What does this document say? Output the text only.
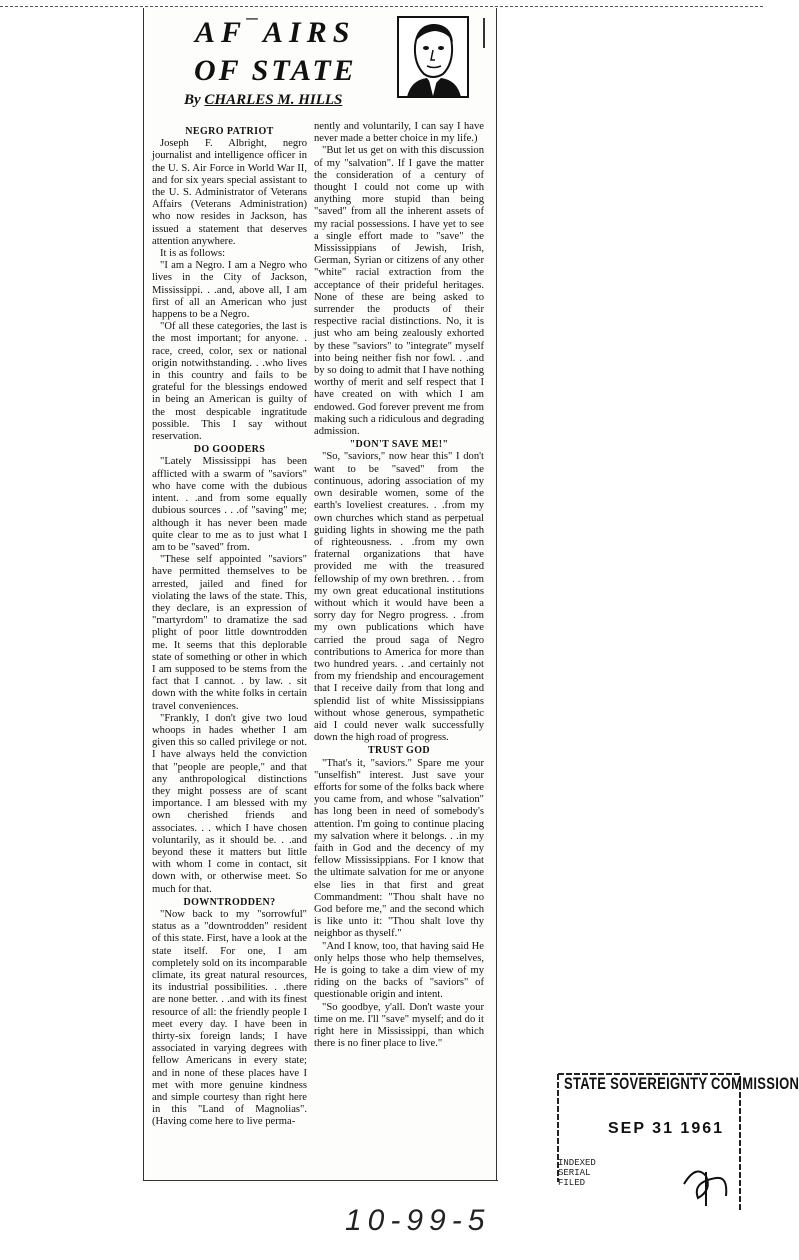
AF‾AIRS
OF STATE
By CHARLES M. HILLS
NEGRO PATRIOT

Joseph F. Albright, negro journalist and intelligence officer in the U. S. Air Force in World War II, and for six years special assistant to the U. S. Administrator of Veterans Affairs (Veterans Administration) who now resides in Jackson, has issued a statement that deserves attention anywhere.

It is as follows:

"I am a Negro. I am a Negro who lives in the City of Jackson, Mississippi. . .and, above all, I am first of all an American who just happens to be a Negro.

"Of all these categories, the last is the most important; for anyone. . race, creed, color, sex or national origin notwithstanding. . .who lives in this country and fails to be grateful for the blessings endowed in being an American is guilty of the most despicable ingratitude possible. This I say without reservation.

DO GOODERS

"Lately Mississippi has been afflicted with a swarm of "saviors" who have come with the dubious intent. . .and from some equally dubious sources . . .of "saving" me; although it has never been made quite clear to me as to just what I am to be "saved" from.

"These self appointed "saviors" have permitted themselves to be arrested, jailed and fined for violating the laws of the state. This, they declare, is an expression of "martyrdom" to dramatize the sad plight of poor little downtrodden me. It seems that this deplorable state of something or other in which I am supposed to be stems from the fact that I cannot. . by law. . sit down with the white folks in certain travel conveniences.

"Frankly, I don't give two loud whoops in hades whether I am given this so called privilege or not. I have always held the conviction that "people are people," and that any anthropological distinctions they might possess are of scant importance. I am blessed with my own cherished friends and associates. . . which I have chosen voluntarily, as it should be. . .and beyond these it matters but little with whom I come in contact, sit down with, or otherwise meet. So much for that.

DOWNTRODDEN?

"Now back to my "sorrowful" status as a "downtrodden" resident of this state. First, have a look at the state itself. For one, I am completely sold on its incomparable climate, its great natural resources, its industrial possibilities. . .there are none better. . .and with its finest resource of all: the friendly people I meet every day. I have been in thirty-six foreign lands; I have associated in varying degrees with fellow Americans in every state; and in none of these places have I met with more genuine kindness and simple courtesy than right here in this "Land of Magnolias". (Having come here to live perma-

nently and voluntarily, I can say I have never made a better choice in my life.)

"But let us get on with this discussion of my "salvation". If I gave the matter the consideration of a century of thought I could not come up with anything more stupid than being "saved" from all the inherent assets of my racial possessions. I have yet to see a single effort made to "save" the Mississippians of Jewish, Irish, German, Syrian or citizens of any other "white" racial extraction from the acceptance of their prideful heritages. None of these are being asked to surrender the products of their respective racial distinctions. No, it is just who am being zealously exhorted by these "saviors" to "integrate" myself into being neither fish nor fowl. . .and by so doing to admit that I have nothing worthy of merit and self respect that I have created on with which I am endowed. God forever prevent me from making such a ridiculous and degrading admission.

"DON'T SAVE ME!"

"So, "saviors," now hear this" I don't want to be "saved" from the continuous, adoring association of my own desirable women, some of the earth's loveliest creatures. . .from my own churches which stand as perpetual guiding lights in showing me the path of righteousness. . .from my own fraternal organizations that have provided me with the treasured fellowship of my own brethren. . . from my own great educational institutions without which it would have been a sorry day for Negro progress. . .from my own publications which have carried the proud saga of Negro contributions to America for more than two hundred years. . .and certainly not from my friendship and encouragement that I receive daily from that long and splendid list of white Mississippians without whose generous, sympathetic aid I could never walk successfully down the high road of progress.

TRUST GOD

"That's it, "saviors." Spare me your "unselfish" interest. Just save your efforts for some of the folks back where you came from, and whose "salvation" has long been in need of somebody's attention. I'm going to continue placing my salvation where it belongs. . .in my faith in God and the decency of my fellow Mississippians. For I know that the ultimate salvation for me or anyone else lies in that first and great Commandment: "Thou shalt have no God before me," and the second which is like unto it: "Thou shalt love thy neighbor as thyself."

"And I know, too, that having said He only helps those who help themselves, He is going to take a dim view of my riding on the backs of "saviors" of questionable origin and intent.

"So goodbye, y'all. Don't waste your time on me. I'll "save" myself; and do it right here in Mississippi, than which there is no finer place to live."

STATE SOVEREIGNTY COMMISSION
SEP 31 1961
INDEXED
SERIAL
FILED
10-99-5
